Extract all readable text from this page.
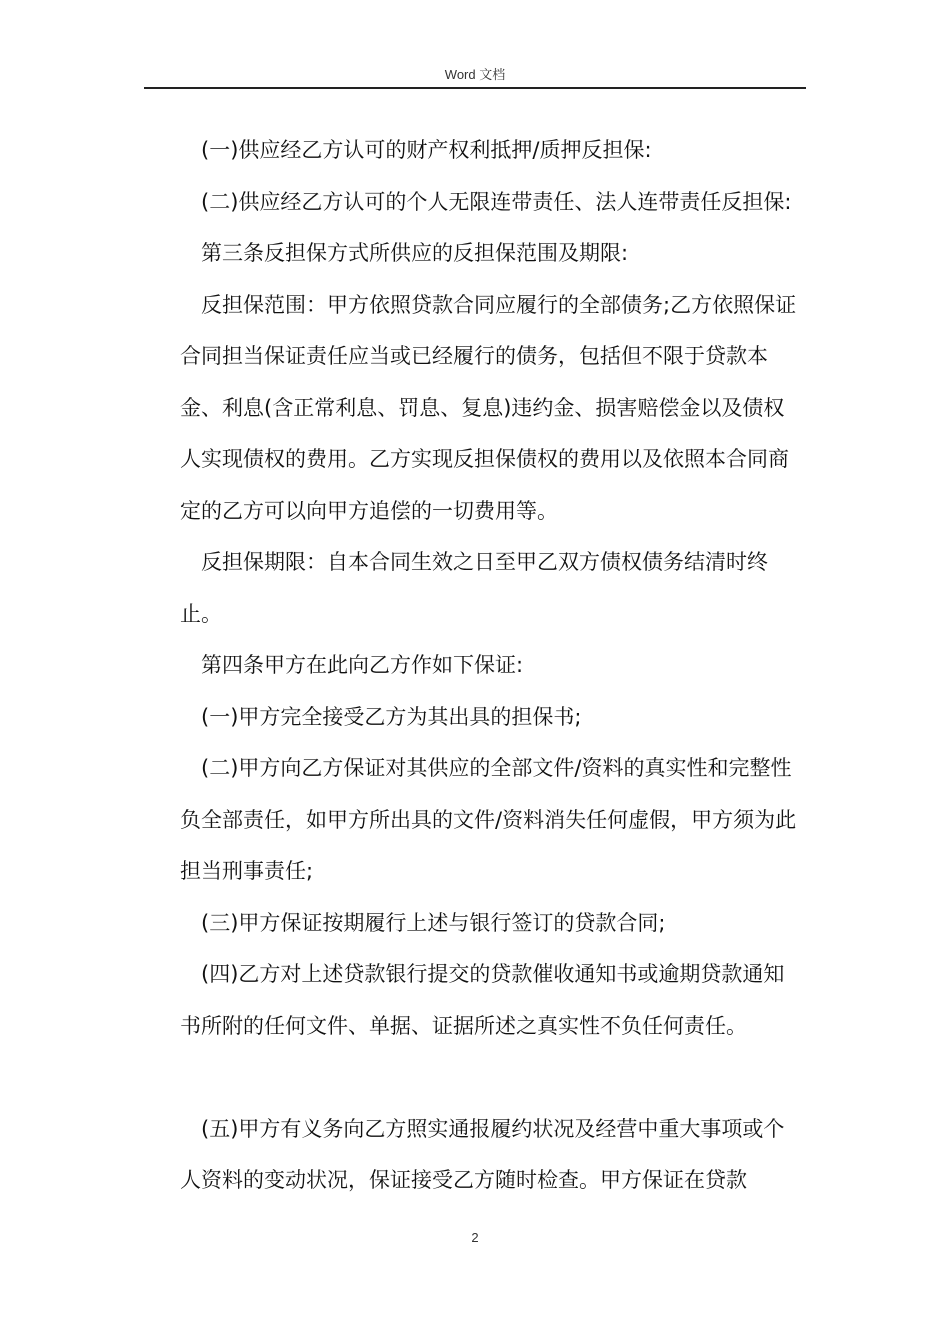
Word 文档

(一)供应经乙方认可的财产权利抵押/质押反担保:

(二)供应经乙方认可的个人无限连带责任、法人连带责任反担保:

第三条反担保方式所供应的反担保范围及期限:

反担保范围：甲方依照贷款合同应履行的全部债务;乙方依照保证合同担当保证责任应当或已经履行的债务，包括但不限于贷款本金、利息(含正常利息、罚息、复息)违约金、损害赔偿金以及债权人实现债权的费用。乙方实现反担保债权的费用以及依照本合同商定的乙方可以向甲方追偿的一切费用等。

反担保期限：自本合同生效之日至甲乙双方债权债务结清时终止。

第四条甲方在此向乙方作如下保证:

(一)甲方完全接受乙方为其出具的担保书;

(二)甲方向乙方保证对其供应的全部文件/资料的真实性和完整性负全部责任，如甲方所出具的文件/资料消失任何虚假，甲方须为此担当刑事责任;

(三)甲方保证按期履行上述与银行签订的贷款合同;

(四)乙方对上述贷款银行提交的贷款催收通知书或逾期贷款通知书所附的任何文件、单据、证据所述之真实性不负任何责任。

(五)甲方有义务向乙方照实通报履约状况及经营中重大事项或个人资料的变动状况，保证接受乙方随时检查。甲方保证在贷款

2
